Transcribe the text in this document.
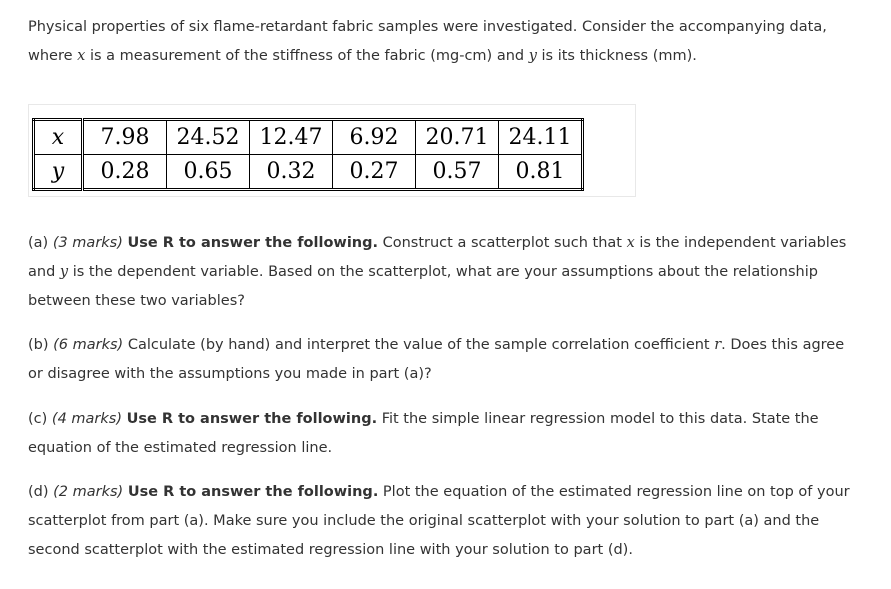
Physical properties of six flame-retardant fabric samples were investigated. Consider the accompanying data, where x is a measurement of the stiffness of the fabric (mg-cm) and y is its thickness (mm).

x	7.98	24.52	12.47	6.92	20.71	24.11
y	0.28	0.65	0.32	0.27	0.57	0.81

(a) (3 marks) Use R to answer the following. Construct a scatterplot such that x is the independent variables and y is the dependent variable. Based on the scatterplot, what are your assumptions about the relationship between these two variables?

(b) (6 marks) Calculate (by hand) and interpret the value of the sample correlation coefficient r. Does this agree or disagree with the assumptions you made in part (a)?

(c) (4 marks) Use R to answer the following. Fit the simple linear regression model to this data. State the equation of the estimated regression line.

(d) (2 marks) Use R to answer the following. Plot the equation of the estimated regression line on top of your scatterplot from part (a). Make sure you include the original scatterplot with your solution to part (a) and the second scatterplot with the estimated regression line with your solution to part (d).
